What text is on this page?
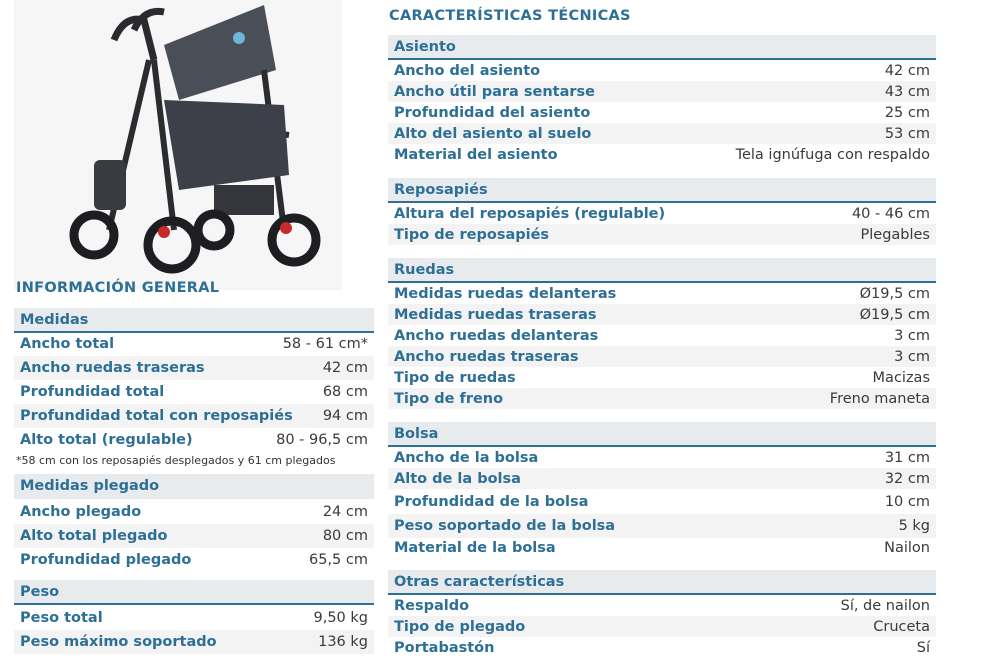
INFORMACIÓN GENERAL
Medidas
Ancho total	58 - 61 cm*
Ancho ruedas traseras	42 cm
Profundidad total	68 cm
Profundidad total con reposapiés 94 cm
Alto total (regulable)	80 - 96,5 cm
*58 cm con los reposapiés desplegados y 61 cm plegados
Medidas plegado
Ancho plegado	24 cm
Alto total plegado	80 cm
Profundidad plegado	65,5 cm
Peso
Peso total	9,50 kg
Peso máximo soportado	136 kg
CARACTERÍSTICAS TÉCNICAS
Asiento
Ancho del asiento	42 cm
Ancho útil para sentarse	43 cm
Profundidad del asiento	25 cm
Alto del asiento al suelo	53 cm
Material del asiento	Tela ignúfuga con respaldo
Reposapiés
Altura del reposapiés (regulable)	40 - 46 cm
Tipo de reposapiés	Plegables
Ruedas
Medidas ruedas delanteras	Ø19,5 cm
Medidas ruedas traseras	Ø19,5 cm
Ancho ruedas delanteras	3 cm
Ancho ruedas traseras	3 cm
Tipo de ruedas	Macizas
Tipo de freno	Freno maneta
Bolsa
Ancho de la bolsa	31 cm
Alto de la bolsa	32 cm
Profundidad de la bolsa	10 cm
Peso soportado de la bolsa	5 kg
Material de la bolsa	Nailon
Otras características
Respaldo	Sí, de nailon
Tipo de plegado	Cruceta
Portabastón	Sí
